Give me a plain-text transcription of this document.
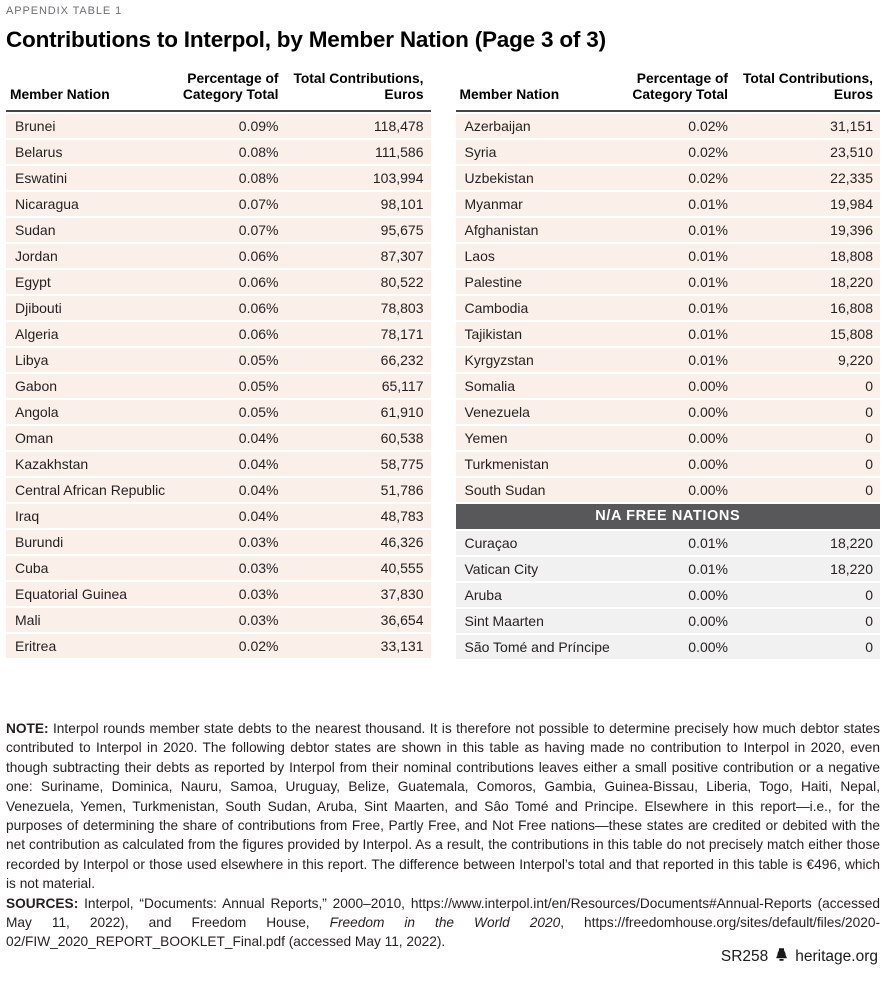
APPENDIX TABLE 1
Contributions to Interpol, by Member Nation (Page 3 of 3)
Member Nation
Percentage of
Category Total
Total Contributions,
Euros
Brunei	0.09%	118,478
Belarus	0.08%	111,586
Eswatini	0.08%	103,994
Nicaragua	0.07%	98,101
Sudan	0.07%	95,675
Jordan	0.06%	87,307
Egypt	0.06%	80,522
Djibouti	0.06%	78,803
Algeria	0.06%	78,171
Libya	0.05%	66,232
Gabon	0.05%	65,117
Angola	0.05%	61,910
Oman	0.04%	60,538
Kazakhstan	0.04%	58,775
Central African Republic	0.04%	51,786
Iraq	0.04%	48,783
Burundi	0.03%	46,326
Cuba	0.03%	40,555
Equatorial Guinea	0.03%	37,830
Mali	0.03%	36,654
Eritrea	0.02%	33,131
Member Nation
Percentage of
Category Total
Total Contributions,
Euros
Azerbaijan	0.02%	31,151
Syria	0.02%	23,510
Uzbekistan	0.02%	22,335
Myanmar	0.01%	19,984
Afghanistan	0.01%	19,396
Laos	0.01%	18,808
Palestine	0.01%	18,220
Cambodia	0.01%	16,808
Tajikistan	0.01%	15,808
Kyrgyzstan	0.01%	9,220
Somalia	0.00%	0
Venezuela	0.00%	0
Yemen	0.00%	0
Turkmenistan	0.00%	0
South Sudan	0.00%	0
N/A FREE NATIONS
Curaçao	0.01%	18,220
Vatican City	0.01%	18,220
Aruba	0.00%	0
Sint Maarten	0.00%	0
São Tomé and Príncipe	0.00%	0

NOTE: Interpol rounds member state debts to the nearest thousand. It is therefore not possible to determine precisely how much debtor states contributed to Interpol in 2020. The following debtor states are shown in this table as having made no contribution to Interpol in 2020, even though subtracting their debts as reported by Interpol from their nominal contributions leaves either a small positive contribution or a negative one: Suriname, Dominica, Nauru, Samoa, Uruguay, Belize, Guatemala, Comoros, Gambia, Guinea-Bissau, Liberia, Togo, Haiti, Nepal, Venezuela, Yemen, Turkmenistan, South Sudan, Aruba, Sint Maarten, and Sâo Tomé and Principe. Elsewhere in this report—i.e., for the purposes of determining the share of contributions from Free, Partly Free, and Not Free nations—these states are credited or debited with the net contribution as calculated from the figures provided by Interpol. As a result, the contributions in this table do not precisely match either those recorded by Interpol or those used elsewhere in this report. The difference between Interpol’s total and that reported in this table is €496, which is not material.

SOURCES: Interpol, “Documents: Annual Reports,” 2000–2010, https://www.interpol.int/en/Resources/Documents#Annual-Reports (accessed May 11, 2022), and Freedom House, Freedom in the World 2020, https://freedomhouse.org/sites/default/files/2020-02/FIW_2020_REPORT_BOOKLET_Final.pdf (accessed May 11, 2022).

SR258 heritage.org
